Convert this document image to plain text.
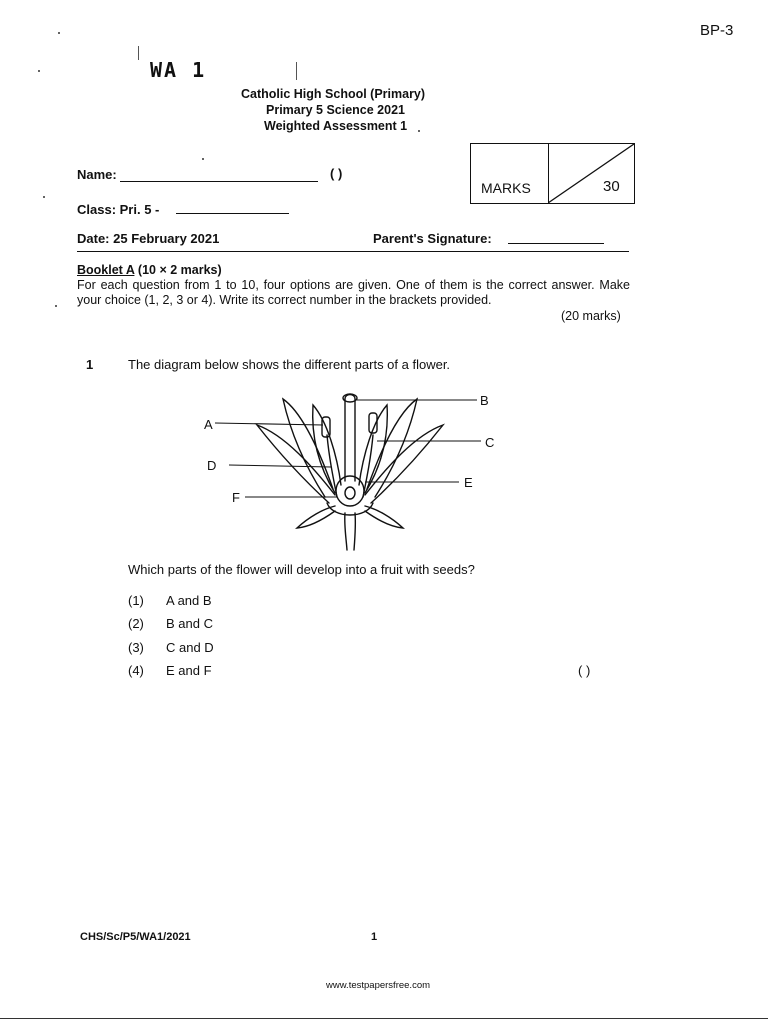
BP-3
WA 1
Catholic High School (Primary)
Primary 5 Science 2021
Weighted Assessment 1
MARKS	30
Name:	( )
Class: Pri. 5 -
Date: 25 February 2021	Parent's Signature:
Booklet A (10 × 2 marks)
For each question from 1 to 10, four options are given. One of them is the correct answer. Make your choice (1, 2, 3 or 4). Write its correct number in the brackets provided.
(20 marks)
1	The diagram below shows the different parts of a flower.
A
B
C
D
E
F
Which parts of the flower will develop into a fruit with seeds?
(1) A and B
(2) B and C
(3) C and D
(4) E and F	( )
CHS/Sc/P5/WA1/2021	1
www.testpapersfree.com
